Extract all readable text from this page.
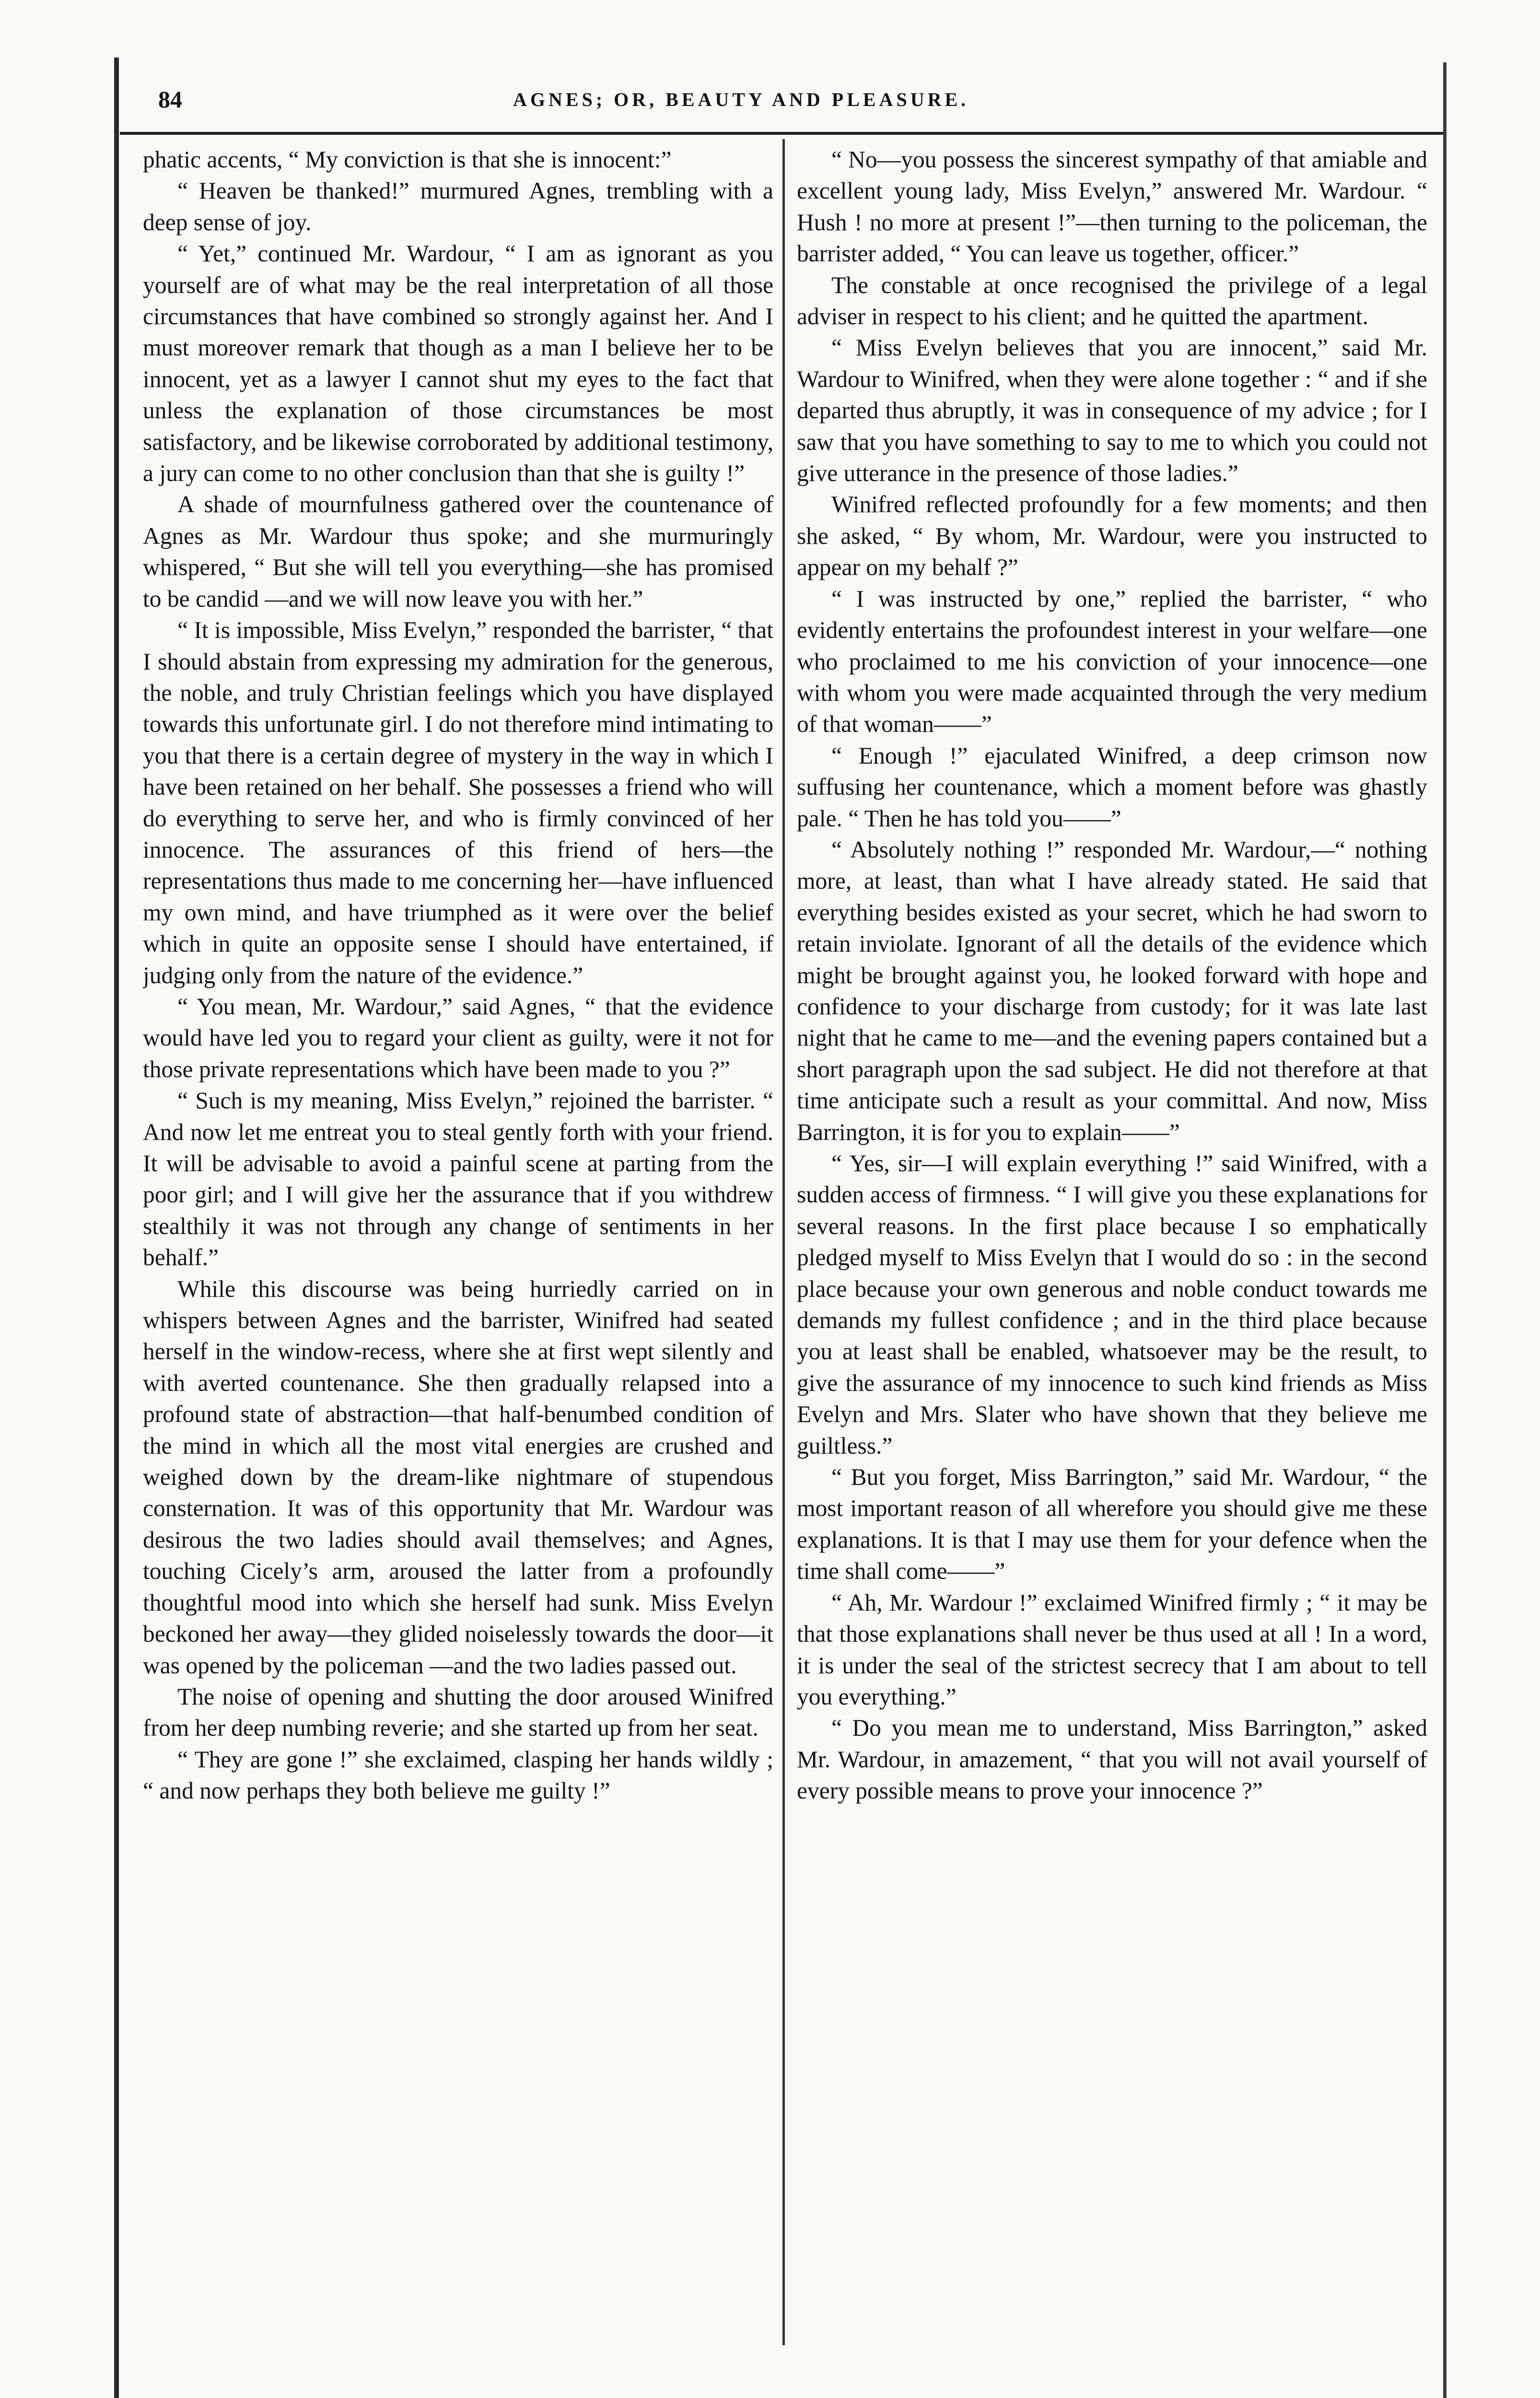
84	AGNES; OR, BEAUTY AND PLEASURE.

phatic accents, “ My conviction is that she is innocent:”

“ Heaven be thanked!” murmured Agnes, trembling with a deep sense of joy.

“ Yet,” continued Mr. Wardour, “ I am as ignorant as you yourself are of what may be the real interpretation of all those circumstances that have combined so strongly against her. And I must moreover remark that though as a man I believe her to be innocent, yet as a lawyer I cannot shut my eyes to the fact that unless the explanation of those circumstances be most satisfactory, and be likewise corroborated by additional testimony, a jury can come to no other conclusion than that she is guilty !”

A shade of mournfulness gathered over the countenance of Agnes as Mr. Wardour thus spoke; and she murmuringly whispered, “ But she will tell you everything—she has promised to be candid —and we will now leave you with her.”

“ It is impossible, Miss Evelyn,” responded the barrister, “ that I should abstain from expressing my admiration for the generous, the noble, and truly Christian feelings which you have displayed towards this unfortunate girl. I do not therefore mind intimating to you that there is a certain degree of mystery in the way in which I have been retained on her behalf. She possesses a friend who will do everything to serve her, and who is firmly convinced of her innocence. The assurances of this friend of hers—the representations thus made to me concerning her—have influenced my own mind, and have triumphed as it were over the belief which in quite an opposite sense I should have entertained, if judging only from the nature of the evidence.”

“ You mean, Mr. Wardour,” said Agnes, “ that the evidence would have led you to regard your client as guilty, were it not for those private representations which have been made to you ?”

“ Such is my meaning, Miss Evelyn,” rejoined the barrister. “ And now let me entreat you to steal gently forth with your friend. It will be advisable to avoid a painful scene at parting from the poor girl; and I will give her the assurance that if you withdrew stealthily it was not through any change of sentiments in her behalf.”

While this discourse was being hurriedly carried on in whispers between Agnes and the barrister, Winifred had seated herself in the window-recess, where she at first wept silently and with averted countenance. She then gradually relapsed into a profound state of abstraction—that half-benumbed condition of the mind in which all the most vital energies are crushed and weighed down by the dream-like nightmare of stupendous consternation. It was of this opportunity that Mr. Wardour was desirous the two ladies should avail themselves; and Agnes, touching Cicely’s arm, aroused the latter from a profoundly thoughtful mood into which she herself had sunk. Miss Evelyn beckoned her away—they glided noiselessly towards the door—it was opened by the policeman —and the two ladies passed out.

The noise of opening and shutting the door aroused Winifred from her deep numbing reverie; and she started up from her seat.

“ They are gone !” she exclaimed, clasping her hands wildly ; “ and now perhaps they both believe me guilty !”

“ No—you possess the sincerest sympathy of that amiable and excellent young lady, Miss Evelyn,” answered Mr. Wardour. “ Hush ! no more at present !”—then turning to the policeman, the barrister added, “ You can leave us together, officer.”

The constable at once recognised the privilege of a legal adviser in respect to his client; and he quitted the apartment.

“ Miss Evelyn believes that you are innocent,” said Mr. Wardour to Winifred, when they were alone together : “ and if she departed thus abruptly, it was in consequence of my advice ; for I saw that you have something to say to me to which you could not give utterance in the presence of those ladies.”

Winifred reflected profoundly for a few moments; and then she asked, “ By whom, Mr. Wardour, were you instructed to appear on my behalf ?”

“ I was instructed by one,” replied the barrister, “ who evidently entertains the profoundest interest in your welfare—one who proclaimed to me his conviction of your innocence—one with whom you were made acquainted through the very medium of that woman——”

“ Enough !” ejaculated Winifred, a deep crimson now suffusing her countenance, which a moment before was ghastly pale. “ Then he has told you——”

“ Absolutely nothing !” responded Mr. Wardour,—“ nothing more, at least, than what I have already stated. He said that everything besides existed as your secret, which he had sworn to retain inviolate. Ignorant of all the details of the evidence which might be brought against you, he looked forward with hope and confidence to your discharge from custody; for it was late last night that he came to me—and the evening papers contained but a short paragraph upon the sad subject. He did not therefore at that time anticipate such a result as your committal. And now, Miss Barrington, it is for you to explain——”

“ Yes, sir—I will explain everything !” said Winifred, with a sudden access of firmness. “ I will give you these explanations for several reasons. In the first place because I so emphatically pledged myself to Miss Evelyn that I would do so : in the second place because your own generous and noble conduct towards me demands my fullest confidence ; and in the third place because you at least shall be enabled, whatsoever may be the result, to give the assurance of my innocence to such kind friends as Miss Evelyn and Mrs. Slater who have shown that they believe me guiltless.”

“ But you forget, Miss Barrington,” said Mr. Wardour, “ the most important reason of all wherefore you should give me these explanations. It is that I may use them for your defence when the time shall come——”

“ Ah, Mr. Wardour !” exclaimed Winifred firmly ; “ it may be that those explanations shall never be thus used at all ! In a word, it is under the seal of the strictest secrecy that I am about to tell you everything.”

“ Do you mean me to understand, Miss Barrington,” asked Mr. Wardour, in amazement, “ that you will not avail yourself of every possible means to prove your innocence ?”
